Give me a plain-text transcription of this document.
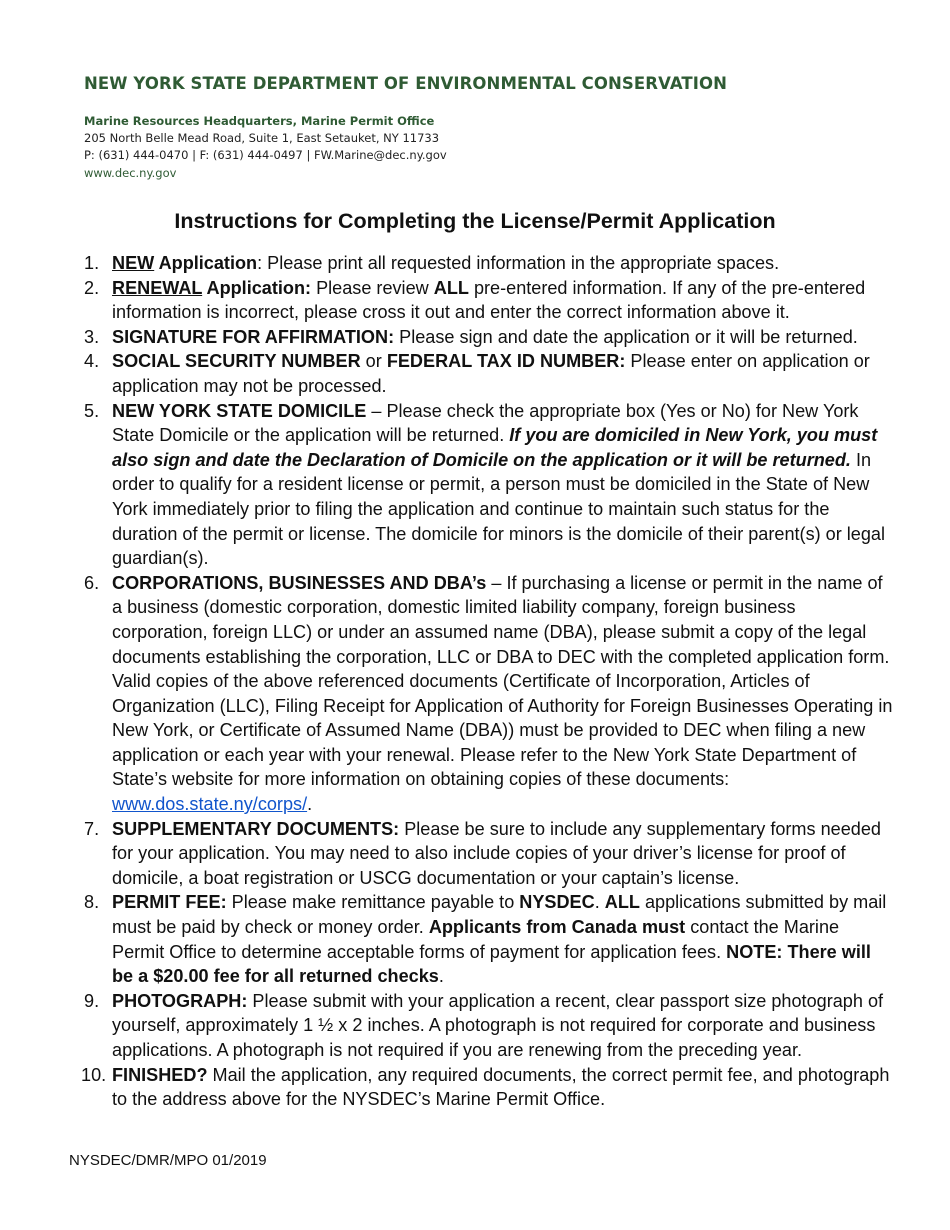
NEW YORK STATE DEPARTMENT OF ENVIRONMENTAL CONSERVATION
Marine Resources Headquarters, Marine Permit Office
205 North Belle Mead Road, Suite 1, East Setauket, NY 11733
P: (631) 444-0470 | F: (631) 444-0497 | FW.Marine@dec.ny.gov
www.dec.ny.gov
Instructions for Completing the License/Permit Application
1. NEW Application: Please print all requested information in the appropriate spaces.
2. RENEWAL Application: Please review ALL pre-entered information. If any of the pre-entered information is incorrect, please cross it out and enter the correct information above it.
3. SIGNATURE FOR AFFIRMATION: Please sign and date the application or it will be returned.
4. SOCIAL SECURITY NUMBER or FEDERAL TAX ID NUMBER: Please enter on application or application may not be processed.
5. NEW YORK STATE DOMICILE – Please check the appropriate box (Yes or No) for New York State Domicile or the application will be returned. If you are domiciled in New York, you must also sign and date the Declaration of Domicile on the application or it will be returned. In order to qualify for a resident license or permit, a person must be domiciled in the State of New York immediately prior to filing the application and continue to maintain such status for the duration of the permit or license. The domicile for minors is the domicile of their parent(s) or legal guardian(s).
6. CORPORATIONS, BUSINESSES AND DBA’s – If purchasing a license or permit in the name of a business (domestic corporation, domestic limited liability company, foreign business corporation, foreign LLC) or under an assumed name (DBA), please submit a copy of the legal documents establishing the corporation, LLC or DBA to DEC with the completed application form. Valid copies of the above referenced documents (Certificate of Incorporation, Articles of Organization (LLC), Filing Receipt for Application of Authority for Foreign Businesses Operating in New York, or Certificate of Assumed Name (DBA)) must be provided to DEC when filing a new application or each year with your renewal. Please refer to the New York State Department of State’s website for more information on obtaining copies of these documents: www.dos.state.ny/corps/.
7. SUPPLEMENTARY DOCUMENTS: Please be sure to include any supplementary forms needed for your application. You may need to also include copies of your driver’s license for proof of domicile, a boat registration or USCG documentation or your captain’s license.
8. PERMIT FEE: Please make remittance payable to NYSDEC. ALL applications submitted by mail must be paid by check or money order. Applicants from Canada must contact the Marine Permit Office to determine acceptable forms of payment for application fees. NOTE: There will be a $20.00 fee for all returned checks.
9. PHOTOGRAPH: Please submit with your application a recent, clear passport size photograph of yourself, approximately 1 ½ x 2 inches. A photograph is not required for corporate and business applications. A photograph is not required if you are renewing from the preceding year.
10. FINISHED? Mail the application, any required documents, the correct permit fee, and photograph to the address above for the NYSDEC’s Marine Permit Office.
NYSDEC/DMR/MPO 01/2019
